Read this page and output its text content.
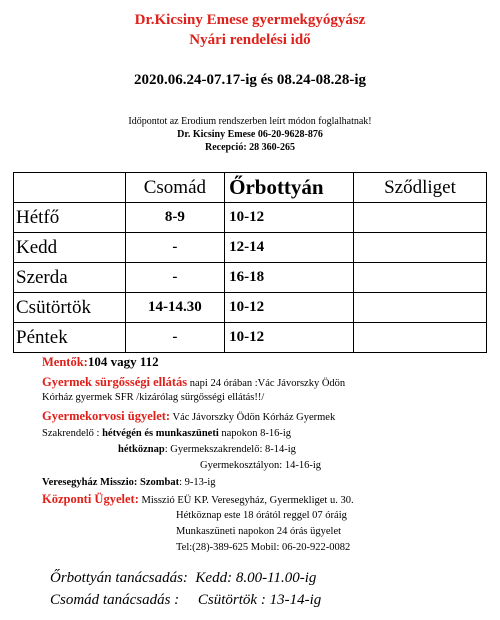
Dr.Kicsiny Emese gyermekgyógyász
Nyári rendelési idő
2020.06.24-07.17-ig és 08.24-08.28-ig
Időpontot az Erodium rendszerben leírt módon foglalhatnak!
Dr. Kicsiny Emese 06-20-9628-876
Recepció: 28 360-265
	Csomád	Őrbottyán	Sződliget
Hétfő	8-9	10-12	
Kedd	-	12-14	
Szerda	-	16-18	
Csütörtök	14-14.30	10-12	
Péntek	-	10-12	
Mentők:104 vagy 112
Gyermek sürgősségi ellátás napi 24 órában :Vác Jávorszky Ödön
Kórház gyermek SFR /kizárólag sürgősségi ellátás!!/
Gyermekorvosi ügyelet: Vác Jávorszky Ödön Kórház Gyermek
Szakrendelő : hétvégén és munkaszüneti napokon 8-16-ig
hétköznap: Gyermekszakrendelő: 8-14-ig
Gyermekosztályon: 14-16-ig
Veresegyház Misszio: Szombat: 9-13-ig
Központi Ügyelet: Misszió EÜ KP. Veresegyház, Gyermekliget u. 30.
Hétköznap este 18 órától reggel 07 óráig
Munkaszüneti napokon 24 órás ügyelet
Tel:(28)-389-625 Mobil: 06-20-922-0082
Őrbottyán tanácsadás:  Kedd: 8.00-11.00-ig
Csomád tanácsadás :     Csütörtök : 13-14-ig
